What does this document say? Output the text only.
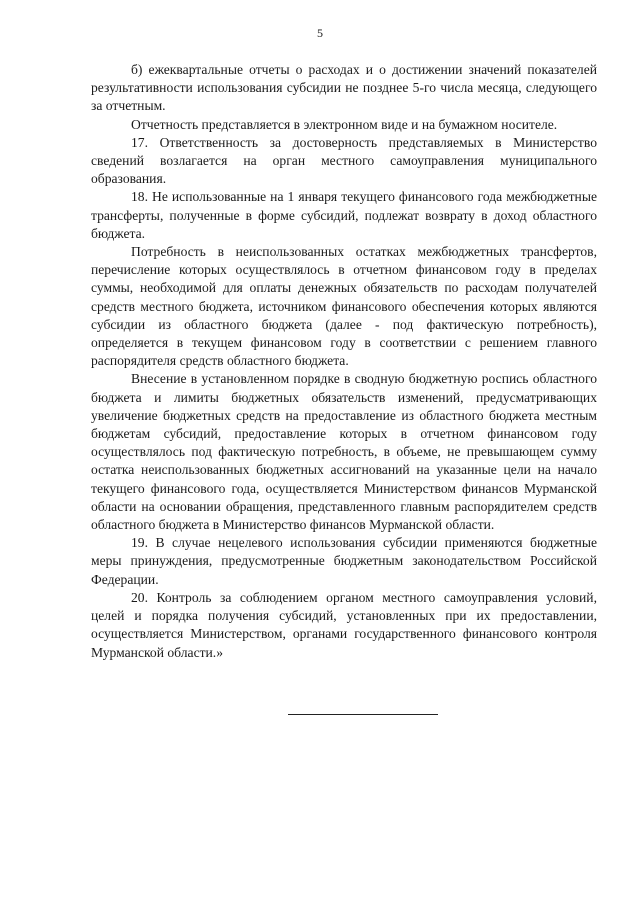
5

б) ежеквартальные отчеты о расходах и о достижении значений показателей результативности использования субсидии не позднее 5-го числа месяца, следующего за отчетным.

Отчетность представляется в электронном виде и на бумажном носителе.

17. Ответственность за достоверность представляемых в Министерство сведений возлагается на орган местного самоуправления муниципального образования.

18. Не использованные на 1 января текущего финансового года межбюджетные трансферты, полученные в форме субсидий, подлежат возврату в доход областного бюджета.

Потребность в неиспользованных остатках межбюджетных трансфертов, перечисление которых осуществлялось в отчетном финансовом году в пределах суммы, необходимой для оплаты денежных обязательств по расходам получателей средств местного бюджета, источником финансового обеспечения которых являются субсидии из областного бюджета (далее - под фактическую потребность), определяется в текущем финансовом году в соответствии с решением главного распорядителя средств областного бюджета.

Внесение в установленном порядке в сводную бюджетную роспись областного бюджета и лимиты бюджетных обязательств изменений, предусматривающих увеличение бюджетных средств на предоставление из областного бюджета местным бюджетам субсидий, предоставление которых в отчетном финансовом году осуществлялось под фактическую потребность, в объеме, не превышающем сумму остатка неиспользованных бюджетных ассигнований на указанные цели на начало текущего финансового года, осуществляется Министерством финансов Мурманской области на основании обращения, представленного главным распорядителем средств областного бюджета в Министерство финансов Мурманской области.

19. В случае нецелевого использования субсидии применяются бюджетные меры принуждения, предусмотренные бюджетным законодательством Российской Федерации.

20. Контроль за соблюдением органом местного самоуправления условий, целей и порядка получения субсидий, установленных при их предоставлении, осуществляется Министерством, органами государственного финансового контроля Мурманской области.»
